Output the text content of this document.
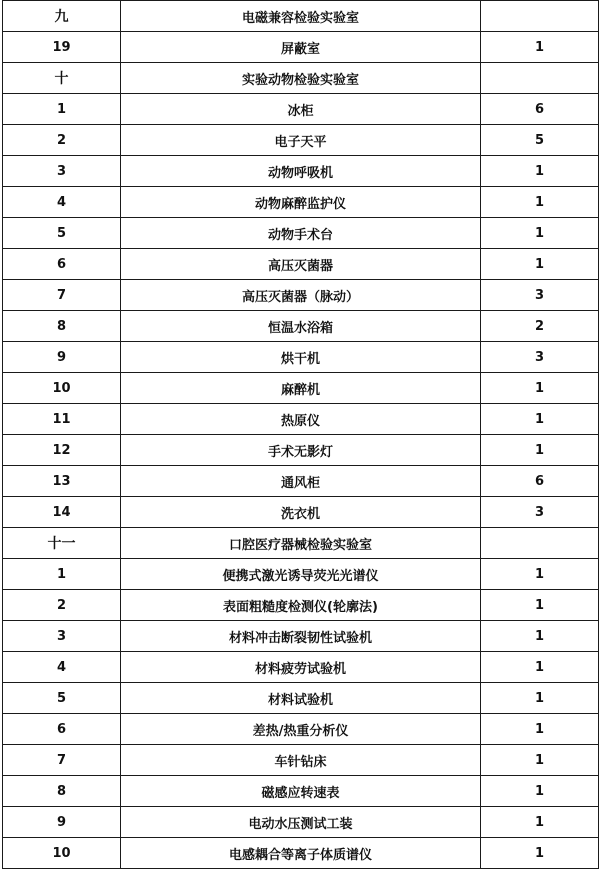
九	电磁兼容检验实验室	
19	屏蔽室	1
十	实验动物检验实验室	
1	冰柜	6
2	电子天平	5
3	动物呼吸机	1
4	动物麻醉监护仪	1
5	动物手术台	1
6	高压灭菌器	1
7	高压灭菌器（脉动）	3
8	恒温水浴箱	2
9	烘干机	3
10	麻醉机	1
11	热原仪	1
12	手术无影灯	1
13	通风柜	6
14	洗衣机	3
十一	口腔医疗器械检验实验室	
1	便携式激光诱导荧光光谱仪	1
2	表面粗糙度检测仪(轮廓法)	1
3	材料冲击断裂韧性试验机	1
4	材料疲劳试验机	1
5	材料试验机	1
6	差热/热重分析仪	1
7	车针钻床	1
8	磁感应转速表	1
9	电动水压测试工装	1
10	电感耦合等离子体质谱仪	1
